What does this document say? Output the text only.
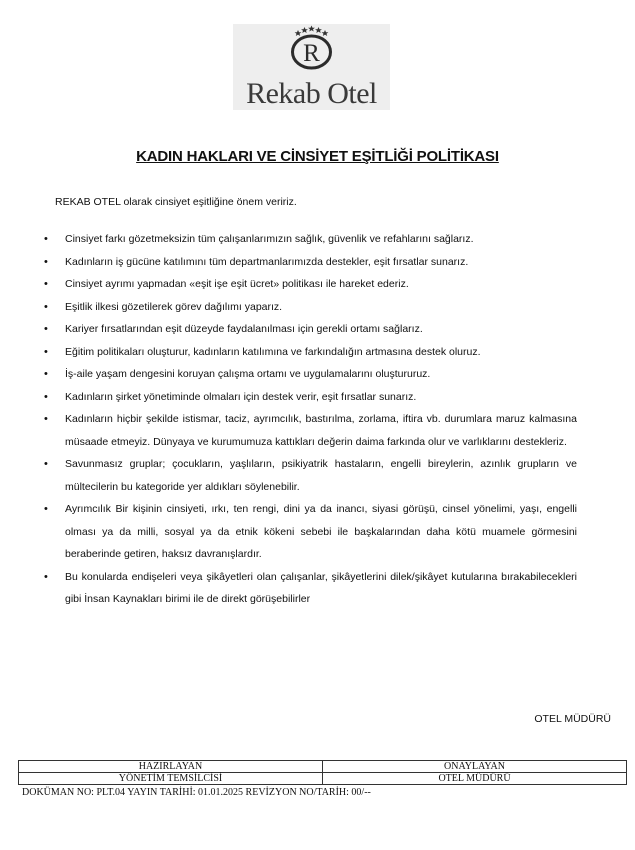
R
Rekab Otel
KADIN HAKLARI VE CİNSİYET EŞİTLİĞİ POLİTİKASI
REKAB OTEL olarak cinsiyet eşitliğine önem veririz.
• Cinsiyet farkı gözetmeksizin tüm çalışanlarımızın sağlık, güvenlik ve refahlarını sağlarız.
• Kadınların iş gücüne katılımını tüm departmanlarımızda destekler, eşit fırsatlar sunarız.
• Cinsiyet ayrımı yapmadan «eşit işe eşit ücret» politikası ile hareket ederiz.
• Eşitlik ilkesi gözetilerek görev dağılımı yaparız.
• Kariyer fırsatlarından eşit düzeyde faydalanılması için gerekli ortamı sağlarız.
• Eğitim politikaları oluşturur, kadınların katılımına ve farkındalığın artmasına destek oluruz.
• İş-aile yaşam dengesini koruyan çalışma ortamı ve uygulamalarını oluştururuz.
• Kadınların şirket yönetiminde olmaları için destek verir, eşit fırsatlar sunarız.
• Kadınların hiçbir şekilde istismar, taciz, ayrımcılık, bastırılma, zorlama, iftira vb. durumlara maruz kalmasına müsaade etmeyiz. Dünyaya ve kurumumuza kattıkları değerin daima farkında olur ve varlıklarını destekleriz.
• Savunmasız gruplar; çocukların, yaşlıların, psikiyatrik hastaların, engelli bireylerin, azınlık grupların ve mültecilerin bu kategoride yer aldıkları söylenebilir.
• Ayrımcılık Bir kişinin cinsiyeti, ırkı, ten rengi, dini ya da inancı, siyasi görüşü, cinsel yönelimi, yaşı, engelli olması ya da milli, sosyal ya da etnik kökeni sebebi ile başkalarından daha kötü muamele görmesini beraberinde getiren, haksız davranışlardır.
• Bu konularda endişeleri veya şikâyetleri olan çalışanlar, şikâyetlerini dilek/şikâyet kutularına bırakabilecekleri gibi İnsan Kaynakları birimi ile de direkt görüşebilirler
OTEL MÜDÜRÜ
HAZIRLAYAN	ONAYLAYAN
YÖNETİM TEMSİLCİSİ	OTEL MÜDÜRÜ
DOKÜMAN NO: PLT.04 YAYIN TARİHİ: 01.01.2025 REVİZYON NO/TARİH: 00/--
